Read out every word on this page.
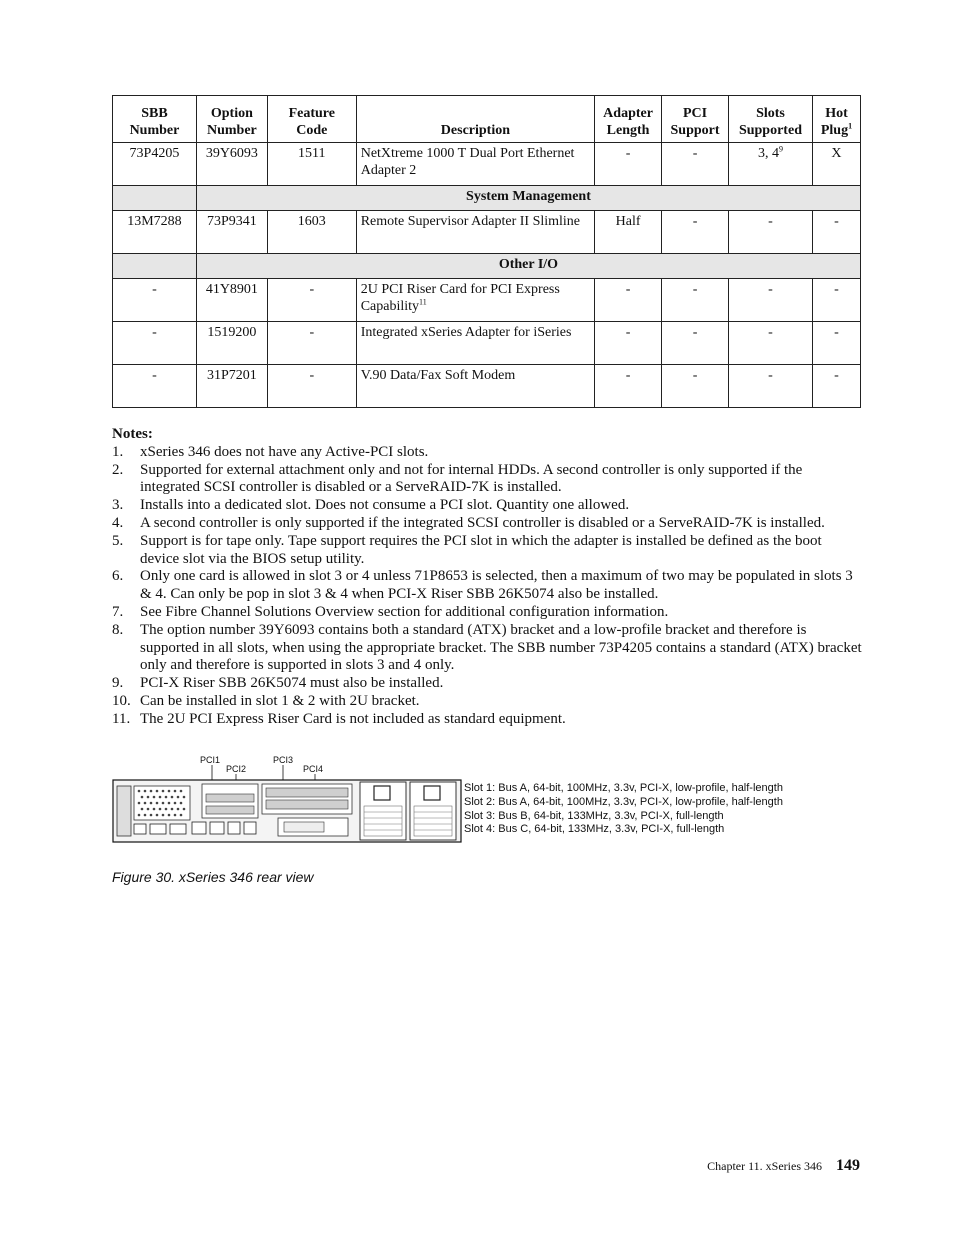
SBB Number	Option Number	Feature Code	Description	Adapter Length	PCI Support	Slots Supported	Hot Plug$^1$
73P4205	39Y6093	1511	NetXtreme 1000 T Dual Port Ethernet Adapter 2	-	-	3, $4^9$	X
	System Management						
13M7288	73P9341	1603	Remote Supervisor Adapter II Slimline	Half	-	-	-
	Other I/O						
-	41Y8901	-	2U PCI Riser Card for PCI Express Capability$^{11}$	-	-	-	-
-	1519200	-	Integrated xSeries Adapter for iSeries	-	-	-	-
-	31P7201	-	V.90 Data/Fax Soft Modem	-	-	-	-
Notes:
1.	xSeries 346 does not have any Active-PCI slots.
2.	Supported for external attachment only and not for internal HDDs. A second controller is only supported if the integrated SCSI controller is disabled or a ServeRAID-7K is installed.
3.	Installs into a dedicated slot. Does not consume a PCI slot. Quantity one allowed.
4.	A second controller is only supported if the integrated SCSI controller is disabled or a ServeRAID-7K is installed.
5.	Support is for tape only. Tape support requires the PCI slot in which the adapter is installed be defined as the boot device slot via the BIOS setup utility.
6.	Only one card is allowed in slot 3 or 4 unless 71P8653 is selected, then a maximum of two may be populated in slots 3 & 4. Can only be pop in slot 3 & 4 when PCI-X Riser SBB 26K5074 also be installed.
7.	See Fibre Channel Solutions Overview section for additional configuration information.
8.	The option number 39Y6093 contains both a standard (ATX) bracket and a low-profile bracket and therefore is supported in all slots, when using the appropriate bracket. The SBB number 73P4205 contains a standard (ATX) bracket only and therefore is supported in slots 3 and 4 only.
9.	PCI-X Riser SBB 26K5074 must also be installed.
10. Can be installed in slot 1 & 2 with 2U bracket.
11. The 2U PCI Express Riser Card is not included as standard equipment.
PCI1
PCI2
PCI3
PCI4
Slot 1: Bus A, 64-bit, 100MHz, 3.3v, PCI-X, low-profile, half-length
Slot 2: Bus A, 64-bit, 100MHz, 3.3v, PCI-X, low-profile, half-length
Slot 3: Bus B, 64-bit, 133MHz, 3.3v, PCI-X, full-length
Slot 4: Bus C, 64-bit, 133MHz, 3.3v, PCI-X, full-length
Figure 30. xSeries 346 rear view
Chapter 11. xSeries 346 149
